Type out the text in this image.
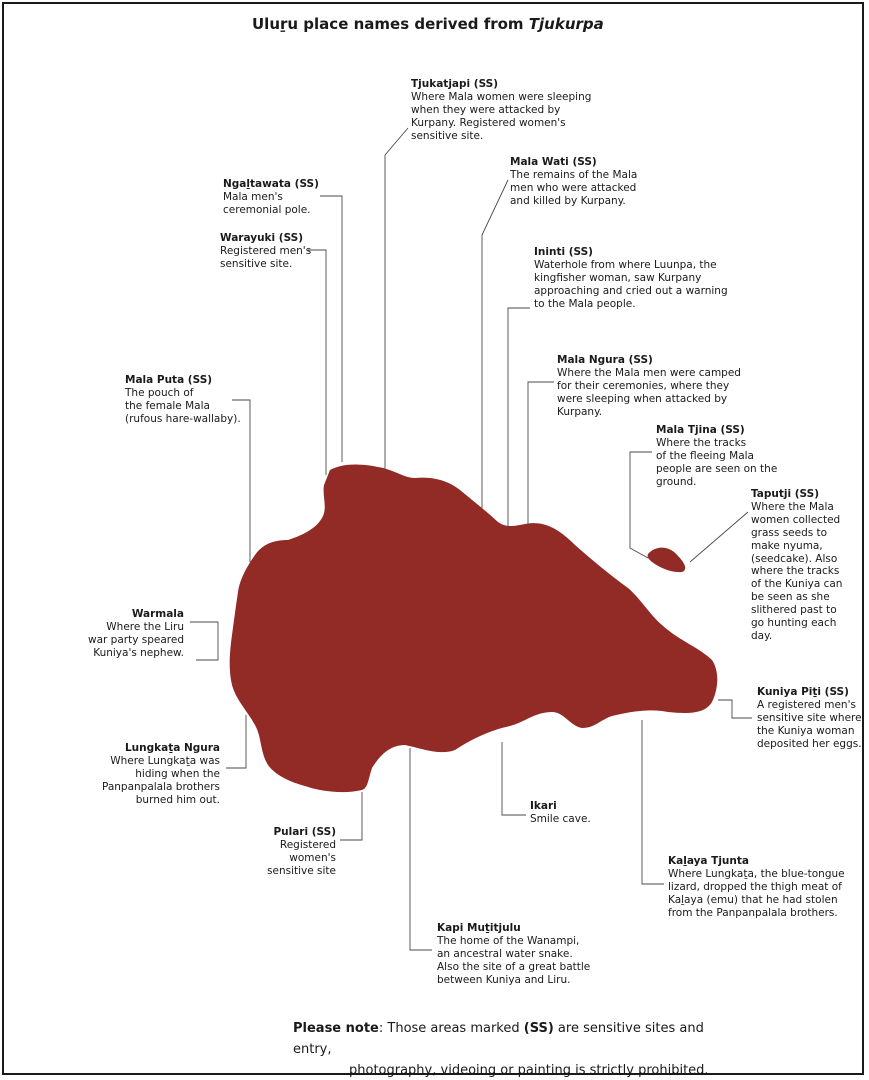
Uluṟu place names derived from Tjukurpa
Tjukatjapi (SS)
Where Mala women were sleeping
when they were attacked by
Kurpany. Registered women's
sensitive site.
Mala Wati (SS)
The remains of the Mala
men who were attacked
and killed by Kurpany.
Ngaḻtawata (SS)
Mala men's
ceremonial pole.
Warayuki (SS)
Registered men's
sensitive site.
Ininti (SS)
Waterhole from where Luunpa, the
kingfisher woman, saw Kurpany
approaching and cried out a warning
to the Mala people.
Mala Ngura (SS)
Where the Mala men were camped
for their ceremonies, where they
were sleeping when attacked by
Kurpany.
Mala Puta (SS)
The pouch of
the female Mala
(rufous hare-wallaby).
Mala Tjina (SS)
Where the tracks
of the fleeing Mala
people are seen on the
ground.
Taputji (SS)
Where the Mala
women collected
grass seeds to
make nyuma,
(seedcake). Also
where the tracks
of the Kuniya can
be seen as she
slithered past to
go hunting each
day.
Warmala
Where the Liru
war party speared
Kuniya's nephew.
Kuniya Piṯi (SS)
A registered men's
sensitive site where
the Kuniya woman
deposited her eggs.
Lungkaṯa Ngura
Where Lungkaṯa was
hiding when the
Panpanpalala brothers
burned him out.
Ikari
Smile cave.
Pulari (SS)
Registered
women's
sensitive site
Kaḻaya Tjunta
Where Lungkaṯa, the blue-tongue
lizard, dropped the thigh meat of
Kaḻaya (emu) that he had stolen
from the Panpanpalala brothers.
Kapi Muṯitjulu
The home of the Wanampi,
an ancestral water snake.
Also the site of a great battle
between Kuniya and Liru.
Please note: Those areas marked (SS) are sensitive sites and entry,
photography, videoing or painting is strictly prohibited.
